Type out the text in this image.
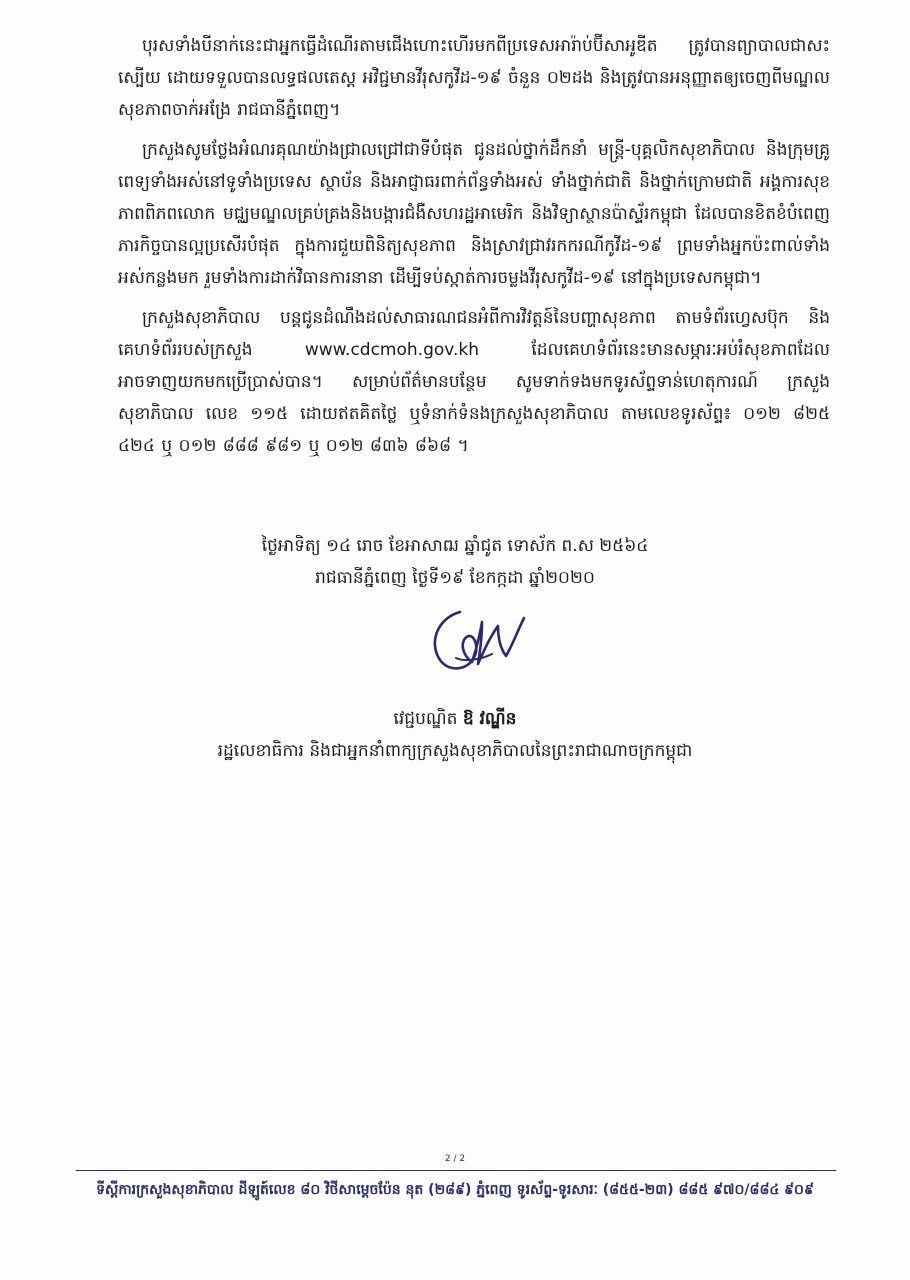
បុរសទាំងបីនាក់នេះជាអ្នកធ្វើដំណើរតាមជើងហោះហើរមកពីប្រទេសអារ៉ាប់ប៊ីសាអូឌីត ត្រូវបានព្យាបាលជាសះស្បើយ ដោយទទួលបានលទ្ធផលតេស្ត អវិជ្ជមានវីរុសកូវីដ-១៩ ចំនួន ០២ដង និងត្រូវបានអនុញ្ញាតឲ្យចេញពីមណ្ឌលសុខភាពចាក់អង្រែ រាជធានីភ្នំពេញ។

ក្រសួងសូមថ្លែងអំណរគុណយ៉ាងជ្រាលជ្រៅជាទីបំផុត ជូនដល់ថ្នាក់ដឹកនាំ មន្ត្រី-បុគ្គលិកសុខាភិបាល និងក្រុមគ្រូពេទ្យទាំងអស់នៅទូទាំងប្រទេស ស្ថាប័ន និងអាជ្ញាធរពាក់ព័ន្ធទាំងអស់ ទាំងថ្នាក់ជាតិ និងថ្នាក់ក្រោមជាតិ អង្គការសុខភាពពិភពលោក មជ្ឈមណ្ឌលគ្រប់គ្រងនិងបង្ការជំងឺសហរដ្ឋអាមេរិក និងវិទ្យាស្ថានប៉ាស្ទ័រកម្ពុជា ដែលបានខិតខំបំពេញភារកិច្ចបានល្អប្រសើរបំផុត ក្នុងការជួយពិនិត្យសុខភាព និងស្រាវជ្រាវរកករណីកូវីដ-១៩ ព្រមទាំងអ្នកប៉ះពាល់ទាំងអស់កន្លងមក រួមទាំងការដាក់វិធានការនានា ដើម្បីទប់ស្កាត់ការចម្លងវីរុសកូវីដ-១៩ នៅក្នុងប្រទេសកម្ពុជា។

ក្រសួងសុខាភិបាល បន្តជូនដំណឹងដល់សាធារណជនអំពីការវិវត្តន៍នៃបញ្ហាសុខភាព តាមទំព័រហ្វេសប៊ុក និងគេហទំព័ររបស់ក្រសួង www.cdcmoh.gov.kh ដែលគេហទំព័រនេះមានសម្ភារៈអប់រំសុខភាពដែលអាចទាញយកមកប្រើប្រាស់បាន។ សម្រាប់ព័ត៌មានបន្ថែម សូមទាក់ទងមកទូរស័ព្ទទាន់ហេតុការណ៍ ក្រសួងសុខាភិបាល លេខ ១១៥ ដោយឥតគិតថ្លៃ ឬទំនាក់ទំនងក្រសួងសុខាភិបាល តាមលេខទូរស័ព្ទ៖ ០១២ ៨២៥ ៤២៤ ឬ ០១២ ៨៨៨ ៩៨១ ឬ ០១២ ៨៣៦ ៨៦៨ ។

ថ្ងៃអាទិត្យ ១៤ រោច ខែអាសាឍ ឆ្នាំជូត ទោស័ក ព.ស ២៥៦៤
រាជធានីភ្នំពេញ ថ្ងៃទី១៩ ខែកក្កដា ឆ្នាំ២០២០
វេជ្ជបណ្ឌិត ឱ វណ្ឌីន
រដ្ឋលេខាធិការ និងជាអ្នកនាំពាក្យក្រសួងសុខាភិបាលនៃព្រះរាជាណាចក្រកម្ពុជា
2 / 2
ទីស្តីការក្រសួងសុខាភិបាល ដីឡូត៍លេខ ៨០ វិថីសាម្តេចប៉ែន នុត (២៨៩) ភ្នំពេញ ទូរស័ព្ទ-ទូរសារៈ (៨៥៥-២៣) ៨៨៥ ៩៧០/៨៨៤ ៩០៩
